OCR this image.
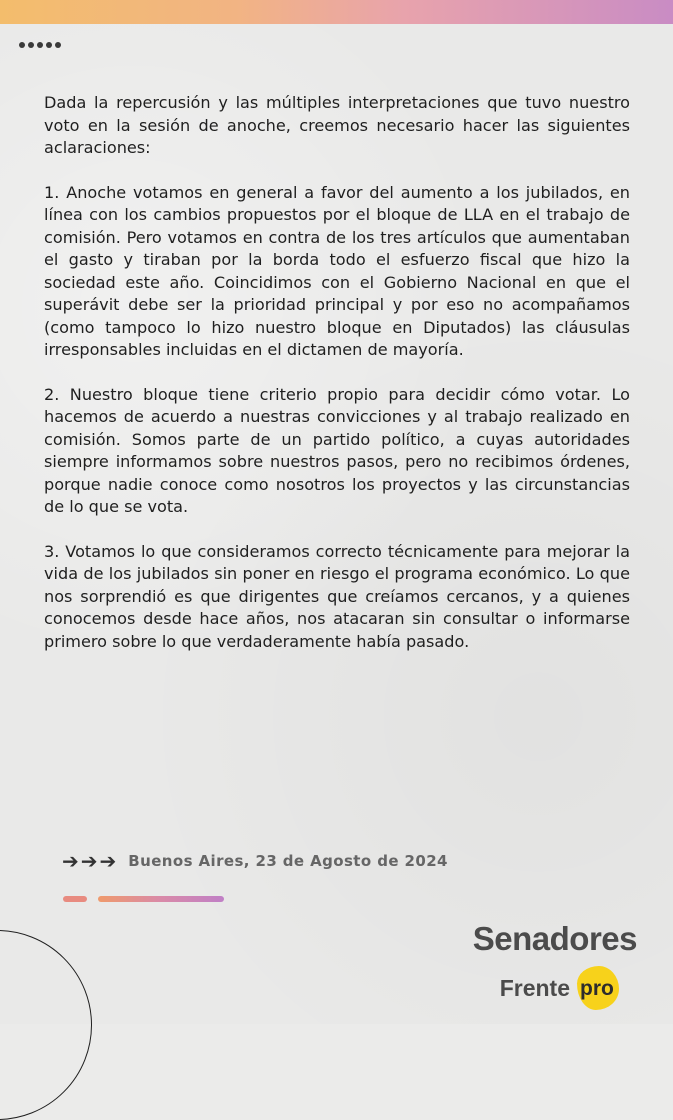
Dada la repercusión y las múltiples interpretaciones que tuvo nuestro voto en la sesión de anoche, creemos necesario hacer las siguientes aclaraciones:

1. Anoche votamos en general a favor del aumento a los jubilados, en línea con los cambios propuestos por el bloque de LLA en el trabajo de comisión. Pero votamos en contra de los tres artículos que aumentaban el gasto y tiraban por la borda todo el esfuerzo fiscal que hizo la sociedad este año. Coincidimos con el Gobierno Nacional en que el superávit debe ser la prioridad principal y por eso no acompañamos (como tampoco lo hizo nuestro bloque en Diputados) las cláusulas irresponsables incluidas en el dictamen de mayoría.

2. Nuestro bloque tiene criterio propio para decidir cómo votar. Lo hacemos de acuerdo a nuestras convicciones y al trabajo realizado en comisión. Somos parte de un partido político, a cuyas autoridades siempre informamos sobre nuestros pasos, pero no recibimos órdenes, porque nadie conoce como nosotros los proyectos y las circunstancias de lo que se vota.

3. Votamos lo que consideramos correcto técnicamente para mejorar la vida de los jubilados sin poner en riesgo el programa económico. Lo que nos sorprendió es que dirigentes que creíamos cercanos, y a quienes conocemos desde hace años, nos atacaran sin consultar o informarse primero sobre lo que verdaderamente había pasado.

➔ ➔ ➔ Buenos Aires, 23 de Agosto de 2024
Senadores
Frente pro
